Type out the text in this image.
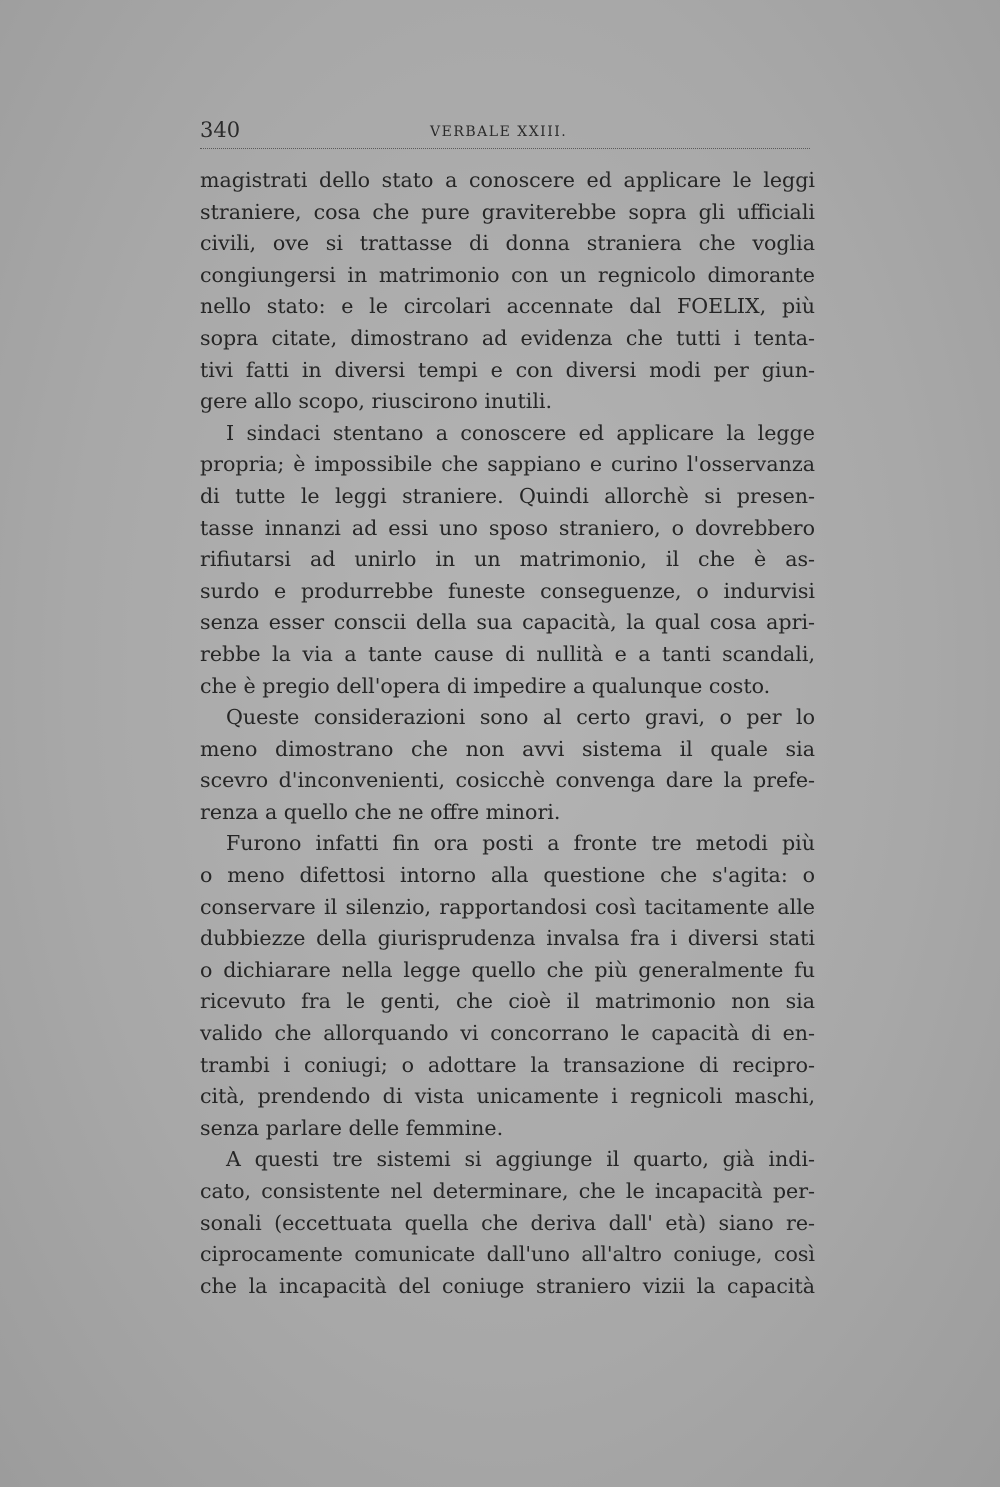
340	VERBALE XXIII.
magistrati dello stato a conoscere ed applicare le leggi
straniere, cosa che pure graviterebbe sopra gli ufficiali
civili, ove si trattasse di donna straniera che voglia
congiungersi in matrimonio con un regnicolo dimorante
nello stato: e le circolari accennate dal FOELIX, più
sopra citate, dimostrano ad evidenza che tutti i tenta-
tivi fatti in diversi tempi e con diversi modi per giun-
gere allo scopo, riuscirono inutili.
I sindaci stentano a conoscere ed applicare la legge
propria; è impossibile che sappiano e curino l'osservanza
di tutte le leggi straniere. Quindi allorchè si presen-
tasse innanzi ad essi uno sposo straniero, o dovrebbero
rifiutarsi ad unirlo in un matrimonio, il che è as-
surdo e produrrebbe funeste conseguenze, o indurvisi
senza esser conscii della sua capacità, la qual cosa apri-
rebbe la via a tante cause di nullità e a tanti scandali,
che è pregio dell'opera di impedire a qualunque costo.
Queste considerazioni sono al certo gravi, o per lo
meno dimostrano che non avvi sistema il quale sia
scevro d'inconvenienti, cosicchè convenga dare la prefe-
renza a quello che ne offre minori.
Furono infatti fin ora posti a fronte tre metodi più
o meno difettosi intorno alla questione che s'agita: o
conservare il silenzio, rapportandosi così tacitamente alle
dubbiezze della giurisprudenza invalsa fra i diversi stati
o dichiarare nella legge quello che più generalmente fu
ricevuto fra le genti, che cioè il matrimonio non sia
valido che allorquando vi concorrano le capacità di en-
trambi i coniugi; o adottare la transazione di recipro-
cità, prendendo di vista unicamente i regnicoli maschi,
senza parlare delle femmine.
A questi tre sistemi si aggiunge il quarto, già indi-
cato, consistente nel determinare, che le incapacità per-
sonali (eccettuata quella che deriva dall' età) siano re-
ciprocamente comunicate dall'uno all'altro coniuge, così
che la incapacità del coniuge straniero vizii la capacità
